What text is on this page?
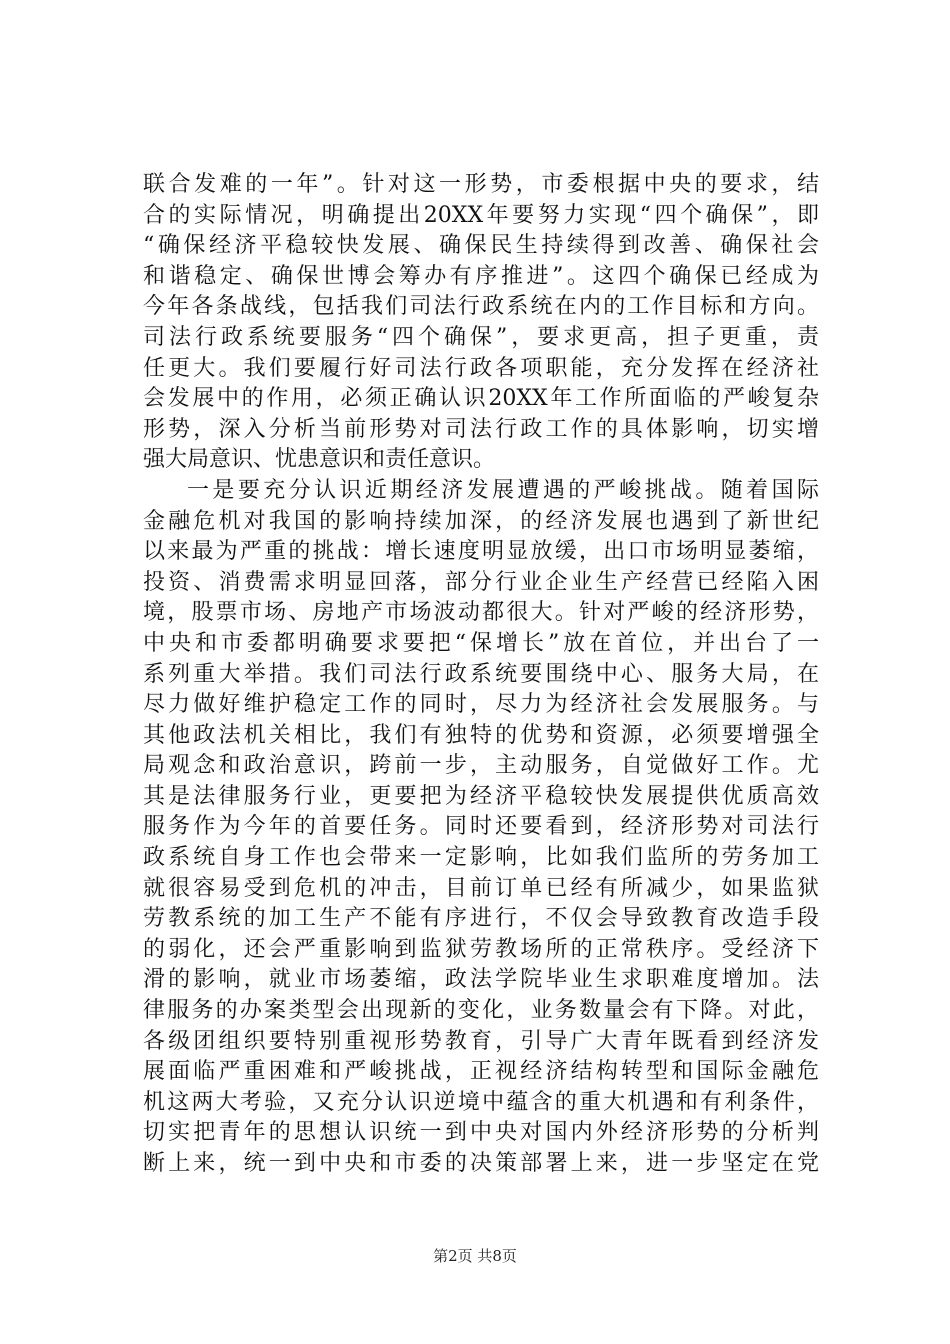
联合发难的一年”。针对这一形势，市委根据中央的要求，结
合的实际情况，明确提出20XX年要努力实现“四个确保”，即
“确保经济平稳较快发展、确保民生持续得到改善、确保社会
和谐稳定、确保世博会筹办有序推进”。这四个确保已经成为
今年各条战线，包括我们司法行政系统在内的工作目标和方向。
司法行政系统要服务“四个确保”，要求更高，担子更重，责
任更大。我们要履行好司法行政各项职能，充分发挥在经济社
会发展中的作用，必须正确认识20XX年工作所面临的严峻复杂
形势，深入分析当前形势对司法行政工作的具体影响，切实增
强大局意识、忧患意识和责任意识。
一是要充分认识近期经济发展遭遇的严峻挑战。随着国际
金融危机对我国的影响持续加深，的经济发展也遇到了新世纪
以来最为严重的挑战：增长速度明显放缓，出口市场明显萎缩，
投资、消费需求明显回落，部分行业企业生产经营已经陷入困
境，股票市场、房地产市场波动都很大。针对严峻的经济形势，
中央和市委都明确要求要把“保增长”放在首位，并出台了一
系列重大举措。我们司法行政系统要围绕中心、服务大局，在
尽力做好维护稳定工作的同时，尽力为经济社会发展服务。与
其他政法机关相比，我们有独特的优势和资源，必须要增强全
局观念和政治意识，跨前一步，主动服务，自觉做好工作。尤
其是法律服务行业，更要把为经济平稳较快发展提供优质高效
服务作为今年的首要任务。同时还要看到，经济形势对司法行
政系统自身工作也会带来一定影响，比如我们监所的劳务加工
就很容易受到危机的冲击，目前订单已经有所减少，如果监狱
劳教系统的加工生产不能有序进行，不仅会导致教育改造手段
的弱化，还会严重影响到监狱劳教场所的正常秩序。受经济下
滑的影响，就业市场萎缩，政法学院毕业生求职难度增加。法
律服务的办案类型会出现新的变化，业务数量会有下降。对此，
各级团组织要特别重视形势教育，引导广大青年既看到经济发
展面临严重困难和严峻挑战，正视经济结构转型和国际金融危
机这两大考验，又充分认识逆境中蕴含的重大机遇和有利条件，
切实把青年的思想认识统一到中央对国内外经济形势的分析判
断上来，统一到中央和市委的决策部署上来，进一步坚定在党
第2页 共8页
